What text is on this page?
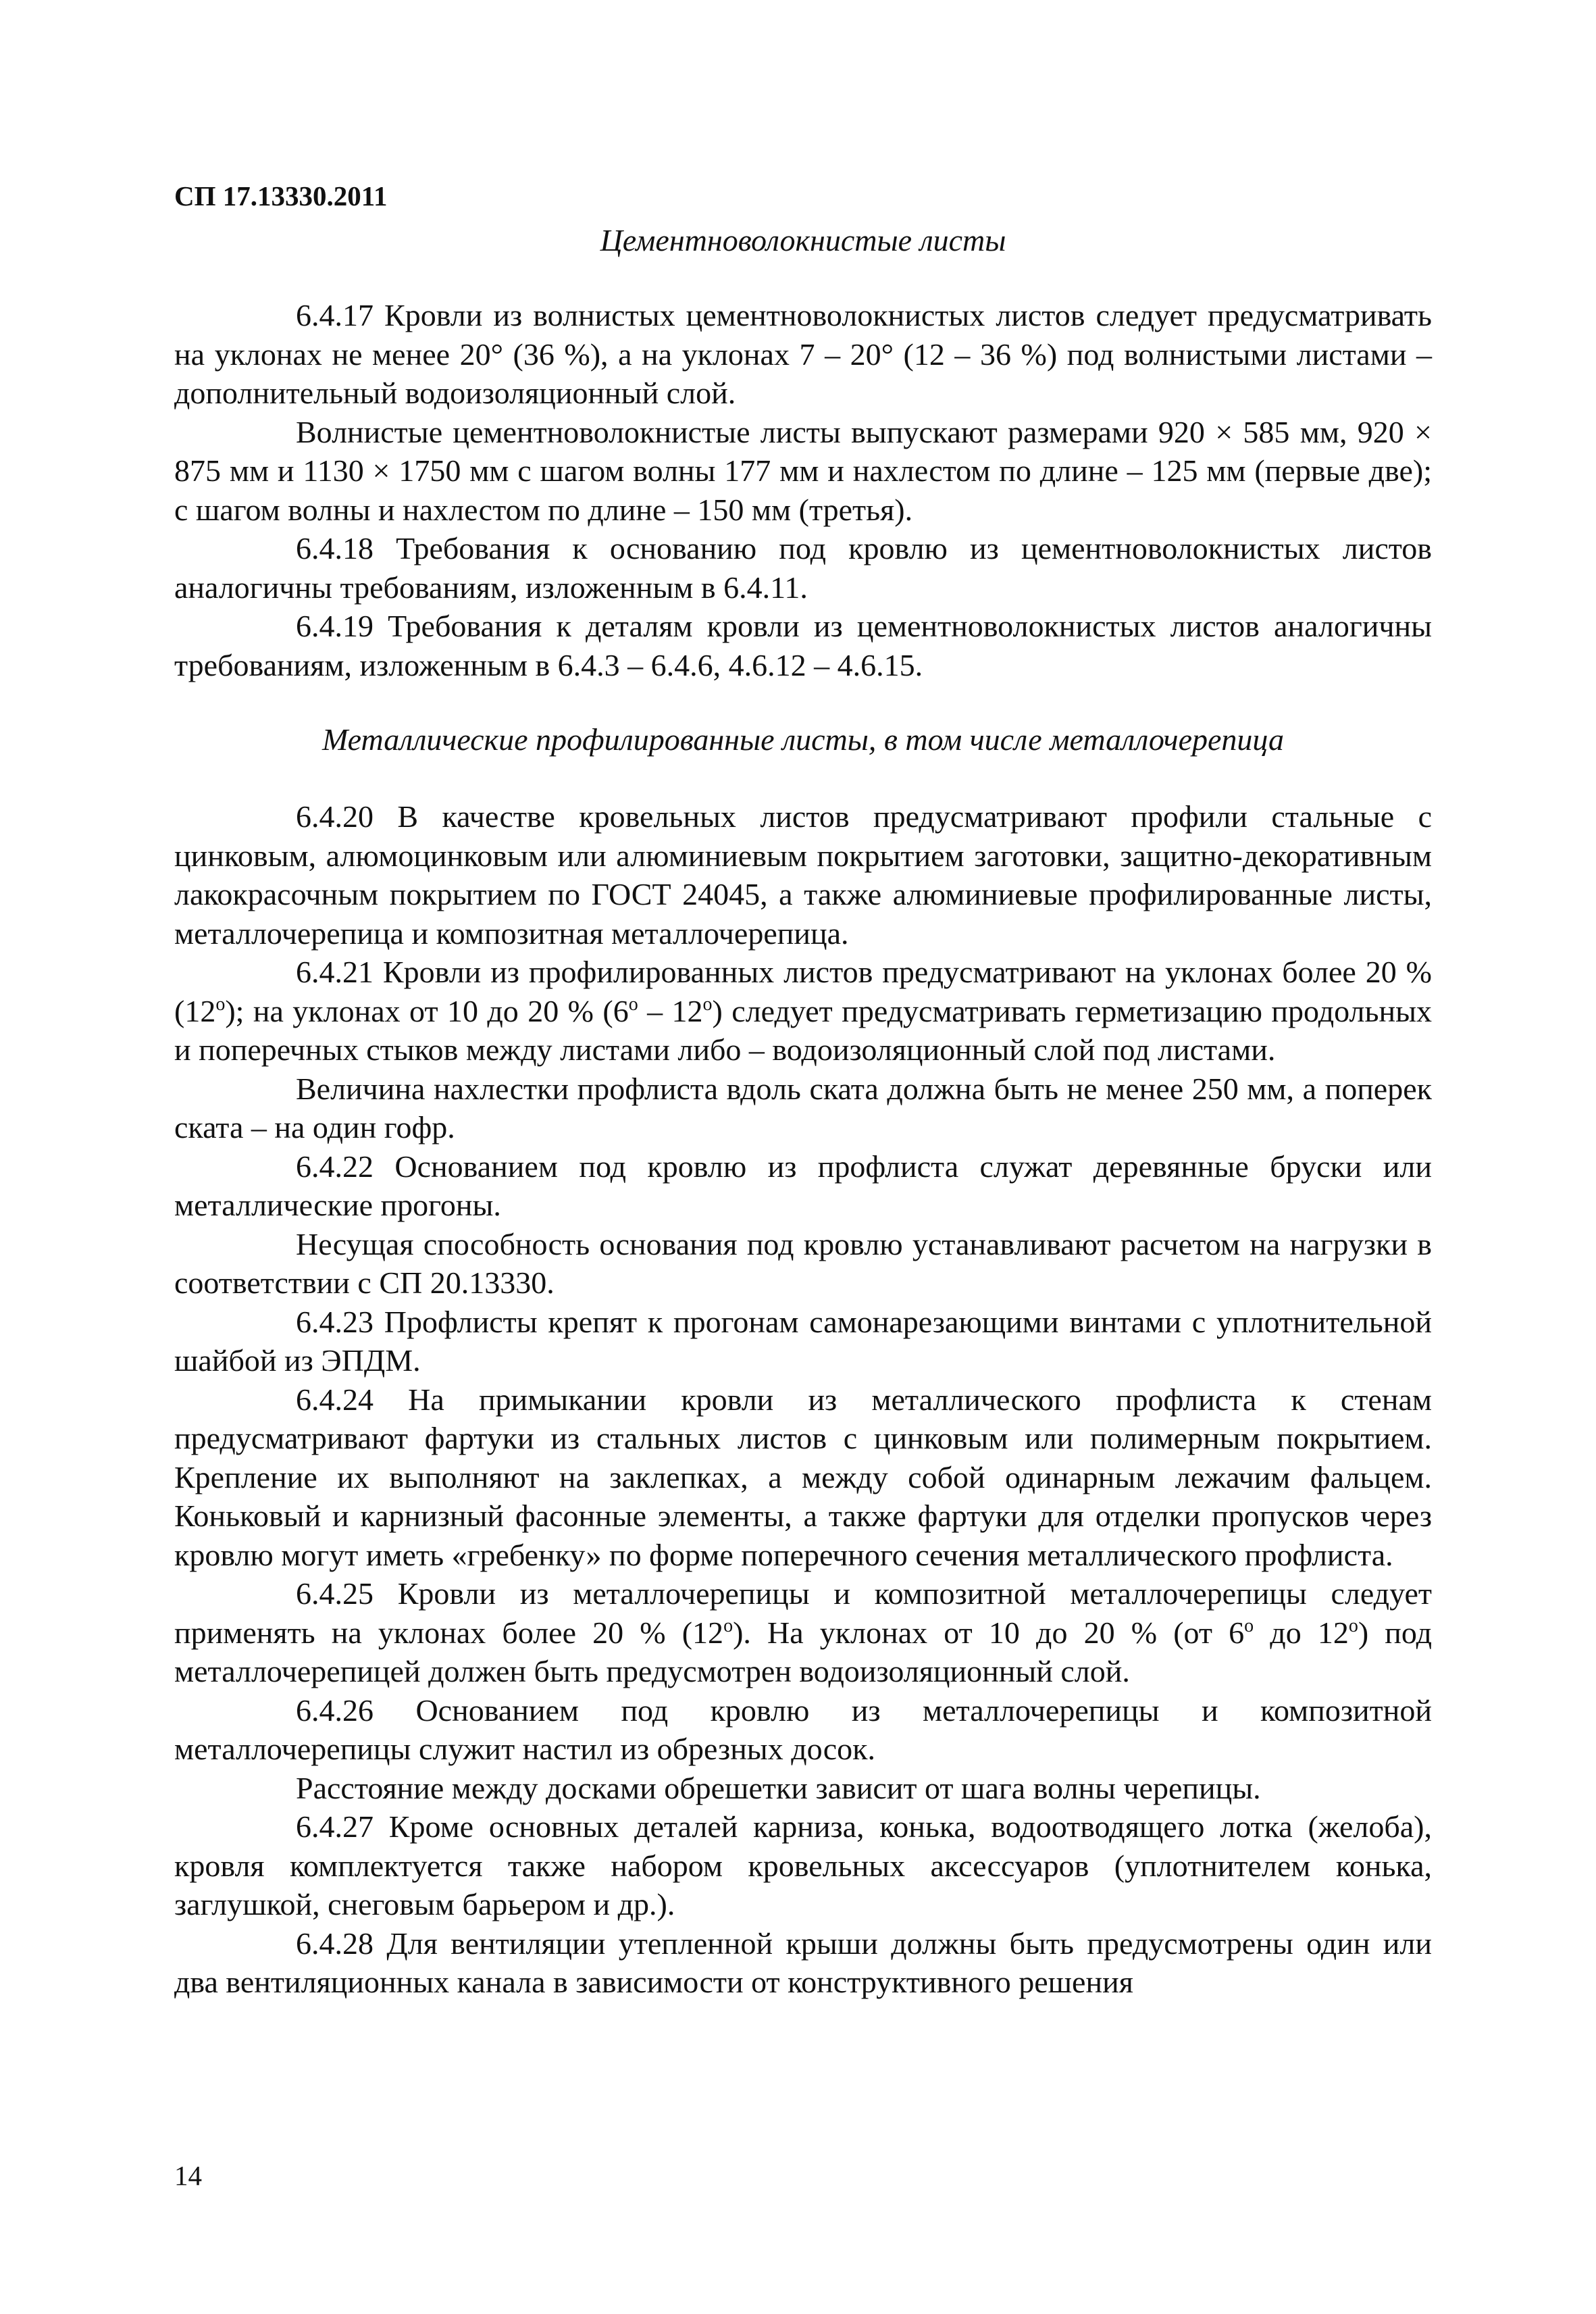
СП 17.13330.2011
Цементноволокнистые листы

6.4.17 Кровли из волнистых цементноволокнистых листов следует предусматривать на уклонах не менее 20° (36 %), а на уклонах 7 – 20° (12 – 36 %) под волнистыми листами – дополнительный водоизоляционный слой.

Волнистые цементноволокнистые листы выпускают размерами 920 × 585 мм, 920 × 875 мм и 1130 × 1750 мм с шагом волны 177 мм и нахлестом по длине – 125 мм (первые две); с шагом волны и нахлестом по длине – 150 мм (третья).

6.4.18 Требования к основанию под кровлю из цементноволокнистых листов аналогичны требованиям, изложенным в 6.4.11.

6.4.19 Требования к деталям кровли из цементноволокнистых листов аналогичны требованиям, изложенным в 6.4.3 – 6.4.6, 4.6.12 – 4.6.15.

Металлические профилированные листы, в том числе металлочерепица

6.4.20 В качестве кровельных листов предусматривают профили стальные с цинковым, алюмоцинковым или алюминиевым покрытием заготовки, защитно-декоративным лакокрасочным покрытием по ГОСТ 24045, а также алюминиевые профилированные листы, металлочерепица и композитная металлочерепица.

6.4.21 Кровли из профилированных листов предусматривают на уклонах более 20 % $(12^о)$; на уклонах от 10 до 20 % $(6^о - 12^о)$ следует предусматривать герметизацию продольных и поперечных стыков между листами либо – водоизоляционный слой под листами.

Величина нахлестки профлиста вдоль ската должна быть не менее 250 мм, а поперек ската – на один гофр.

6.4.22 Основанием под кровлю из профлиста служат деревянные бруски или металлические прогоны.

Несущая способность основания под кровлю устанавливают расчетом на нагрузки в соответствии с СП 20.13330.

6.4.23 Профлисты крепят к прогонам самонарезающими винтами с уплотнительной шайбой из ЭПДМ.

6.4.24 На примыкании кровли из металлического профлиста к стенам предусматривают фартуки из стальных листов с цинковым или полимерным покрытием. Крепление их выполняют на заклепках, а между собой одинарным лежачим фальцем. Коньковый и карнизный фасонные элементы, а также фартуки для отделки пропусков через кровлю могут иметь «гребенку» по форме поперечного сечения металлического профлиста.

6.4.25 Кровли из металлочерепицы и композитной металлочерепицы следует применять на уклонах более 20 % $(12^о)$. На уклонах от 10 до 20 % (от $6^о$ до $12^о$) под металлочерепицей должен быть предусмотрен водоизоляционный слой.

6.4.26 Основанием под кровлю из металлочерепицы и композитной металлочерепицы служит настил из обрезных досок.

Расстояние между досками обрешетки зависит от шага волны черепицы.

6.4.27 Кроме основных деталей карниза, конька, водоотводящего лотка (желоба), кровля комплектуется также набором кровельных аксессуаров (уплотнителем конька, заглушкой, снеговым барьером и др.).

6.4.28 Для вентиляции утепленной крыши должны быть предусмотрены один или два вентиляционных канала в зависимости от конструктивного решения

14
